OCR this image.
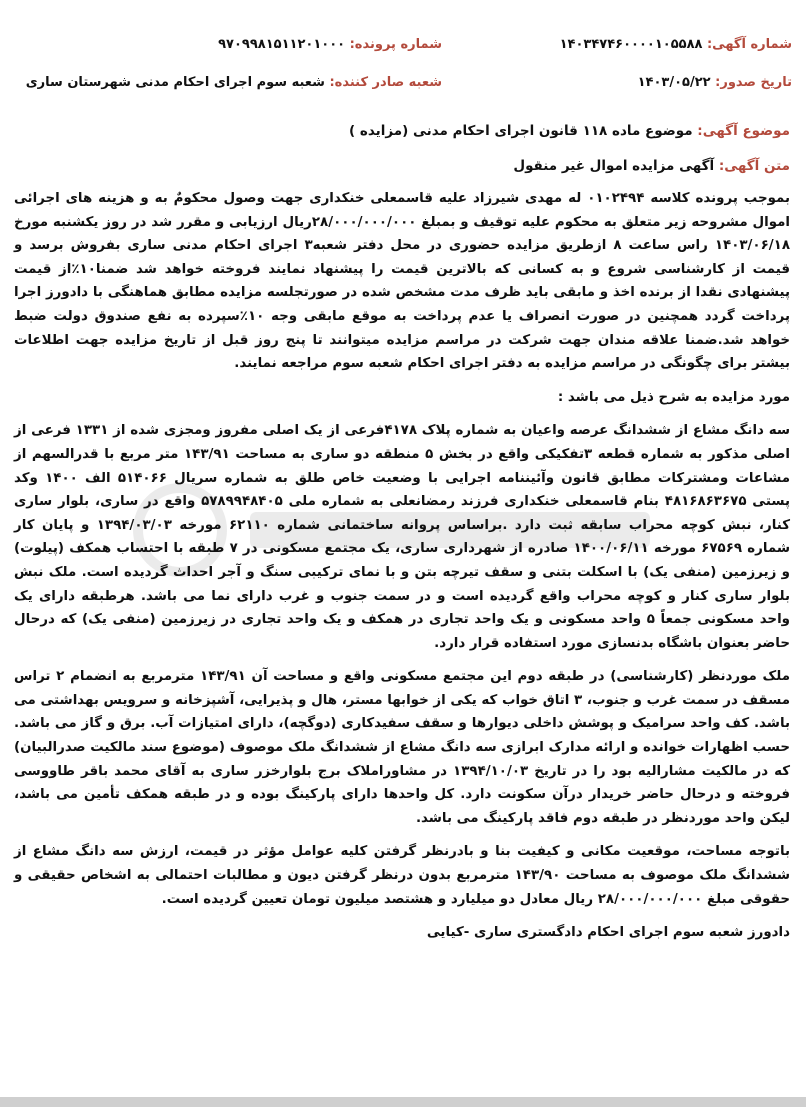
شماره آگهی: ۱۴۰۳۴۷۴۶۰۰۰۰۱۰۵۵۸۸
شماره پرونده: ۹۷۰۹۹۸۱۵۱۱۲۰۱۰۰۰
تاریخ صدور: ۱۴۰۳/۰۵/۲۲
شعبه صادر کننده: شعبه سوم اجرای احکام مدنی شهرستان ساری
موضوع آگهی: موضوع ماده ۱۱۸ قانون اجرای احکام مدنی (مزایده )
متن آگهی: آگهی مزایده اموال غیر منقول

بموجب پرونده کلاسه ۰۱۰۲۴۹۴ له مهدی شیرزاد علیه قاسمعلی خنکداری جهت وصول محکومٌ به و هزینه های اجرائی اموال مشروحه زیر متعلق به محکوم علیه توقیف و بمبلغ ۲۸/۰۰۰/۰۰۰/۰۰۰ریال ارزیابی و مقرر شد در روز یکشنبه مورخ ۱۴۰۳/۰۶/۱۸ راس ساعت ۸ ازطریق مزایده حضوری در محل دفتر شعبه۳ اجرای احکام مدنی ساری بفروش برسد و قیمت از کارشناسی شروع و به کسانی که بالاترین قیمت را پیشنهاد نمایند فروخته خواهد شد ضمنا۱۰٪از قیمت پیشنهادی نقدا از برنده اخذ و مابقی باید ظرف مدت مشخص شده در صورتجلسه مزایده مطابق هماهنگی با دادورز اجرا پرداخت گردد همچنین در صورت انصراف یا عدم پرداخت به موقع مابقی وجه ۱۰٪سپرده به نفع صندوق دولت ضبط خواهد شد.ضمنا علاقه مندان جهت شرکت در مراسم مزایده میتوانند تا پنج روز قبل از تاریخ مزایده جهت اطلاعات بیشتر برای چگونگی در مراسم مزایده به دفتر اجرای احکام شعبه سوم مراجعه نمایند.

مورد مزایده به شرح ذیل می باشد :

سه دانگ مشاع از ششدانگ عرصه واعیان به شماره پلاک ۴۱۷۸فرعی از یک اصلی مفروز ومجزی شده از ۱۳۳۱ فرعی از اصلی مذکور به شماره قطعه ۳تفکیکی واقع در بخش ۵ منطقه دو ساری به مساحت ۱۴۳/۹۱ متر مربع با قدرالسهم از مشاعات ومشترکات مطابق قانون وآئیننامه اجرایی با وضعیت خاص طلق به شماره سریال ۵۱۴۰۶۶ الف ۱۴۰۰ وکد پستی ۴۸۱۶۸۶۳۶۷۵ بنام قاسمعلی خنکداری فرزند رمضانعلی به شماره ملی ۵۷۸۹۹۴۸۴۰۵ واقع در ساری، بلوار ساری کنار، نبش کوچه محراب سابقه ثبت دارد .براساس پروانه ساختمانی شماره ۶۲۱۱۰ مورخه ۱۳۹۴/۰۳/۰۳ و پایان کار شماره ۶۷۵۶۹ مورخه ۱۴۰۰/۰۶/۱۱ صادره از شهرداری ساری، یک مجتمع مسکونی در ۷ طبقه با احتساب همکف (پیلوت) و زیرزمین (منفی یک) با اسکلت بتنی و سقف تیرچه بتن و با نمای ترکیبی سنگ و آجر احداث گردیده است. ملک نبش بلوار ساری کنار و کوچه محراب واقع گردیده است و در سمت جنوب و غرب دارای نما می باشد. هرطبقه دارای یک واحد مسکونی جمعاً ۵ واحد مسکونی و یک واحد تجاری در همکف و یک واحد تجاری در زیرزمین (منفی یک) که درحال حاضر بعنوان باشگاه بدنسازی مورد استفاده قرار دارد.

ملک موردنظر (کارشناسی) در طبقه دوم این مجتمع مسکونی واقع و مساحت آن ۱۴۳/۹۱ مترمربع به انضمام ۲ تراس مسقف در سمت غرب و جنوب، ۳ اتاق خواب که یکی از خوابها مستر، هال و پذیرایی، آشپزخانه و سرویس بهداشتی می باشد. کف واحد سرامیک و پوشش داخلی دیوارها و سقف سفیدکاری (دوگچه)، دارای امتیازات آب. برق و گاز می باشد. حسب اظهارات خوانده و ارائه مدارک ابرازی سه دانگ مشاع از ششدانگ ملک موصوف (موضوع سند مالکیت صدرالبیان) که در مالکیت مشارالیه بود را در تاریخ ۱۳۹۴/۱۰/۰۳ در مشاوراملاک برج بلوارخزر ساری به آقای محمد باقر طاووسی فروخته و درحال حاضر خریدار درآن سکونت دارد. کل واحدها دارای پارکینگ بوده و در طبقه همکف تأمین می باشد، لیکن واحد موردنظر در طبقه دوم فاقد پارکینگ می باشد.

باتوجه مساحت، موقعیت مکانی و کیفیت بنا و بادرنظر گرفتن کلیه عوامل مؤثر در قیمت، ارزش سه دانگ مشاع از ششدانگ ملک موصوف به مساحت ۱۴۳/۹۰ مترمربع بدون درنظر گرفتن دیون و مطالبات احتمالی به اشخاص حقیقی و حقوقی مبلغ ۲۸/۰۰۰/۰۰۰/۰۰۰ ریال معادل دو میلیارد و هشتصد میلیون تومان تعیین گردیده است.

دادورز شعبه سوم اجرای احکام دادگستری ساری -کیایی
